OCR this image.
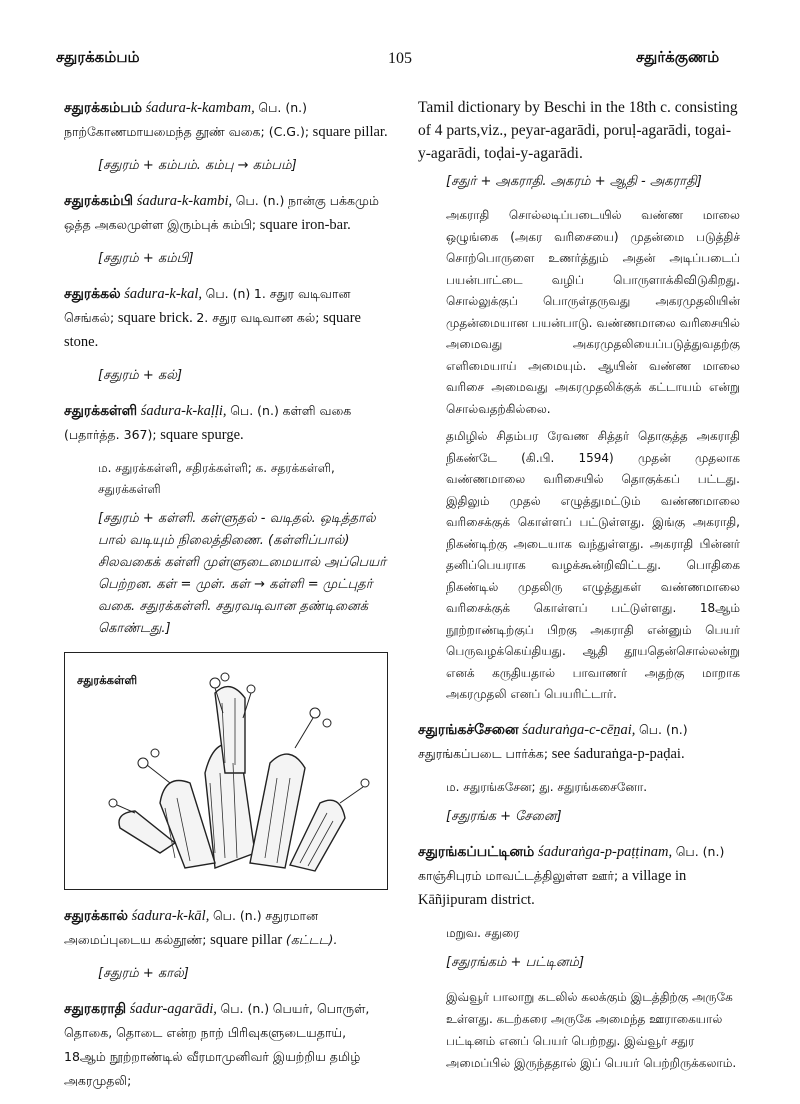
சதுரக்கம்பம்	105	சதுர்க்குணம்
சதுரக்கம்பம் śadura-k-kambam, பெ. (n.) நாற்கோணமாயமைந்த தூண் வகை; (C.G.); square pillar.
[சதுரம் + கம்பம். கம்பு → கம்பம்]
சதுரக்கம்பி śadura-k-kambi, பெ. (n.) நான்கு பக்கமும் ஒத்த அகலமுள்ள இரும்புக் கம்பி; square iron-bar.
[சதுரம் + கம்பி]
சதுரக்கல் śadura-k-kal, பெ. (n) 1. சதுர வடிவான செங்கல்; square brick. 2. சதுர வடிவான கல்; square stone.
[சதுரம் + கல்]
சதுரக்கள்ளி śadura-k-kaḷḷi, பெ. (n.) கள்ளி வகை (பதார்த்த. 367); square spurge.
ம. சதுரக்கள்ளி, சதிரக்கள்ளி; க. சதரக்கள்ளி, சதுரக்கள்ளி
[சதுரம் + கள்ளி. கள்ளுதல் - வடிதல். ஒடித்தால் பால் வடியும் நிலைத்திணை. (கள்ளிப்பால்) சிலவகைக் கள்ளி முள்ளுடைமையால் அப்பெயர் பெற்றன. கள் = முள். கள் → கள்ளி = முட்புதர் வகை. சதுரக்கள்ளி. சதுரவடிவான தண்டினைக் கொண்டது.]
சதுரக்கள்ளி
சதுரக்கால் śadura-k-kāl, பெ. (n.) சதுரமான அமைப்புடைய கல்தூண்; square pillar (கட்டட).
[சதுரம் + கால்]
சதுரகராதி śadur-agarādi, பெ. (n.) பெயர், பொருள், தொகை, தொடை என்ற நாற் பிரிவுகளுடையதாய், 18ஆம் நூற்றாண்டில் வீரமாமுனிவர் இயற்றிய தமிழ் அகரமுதலி;
Tamil dictionary by Beschi in the 18th c. consisting of 4 parts,viz., peyar-agarādi, poruḷ-agarādi, togai-y-agarādi, toḍai-y-agarādi.
[சதுர் + அகராதி. அகரம் + ஆதி - அகராதி]
அகராதி சொல்லடிப்படையில் வண்ண மாலை ஒழுங்கை (அகர வரிசையை) முதன்மை படுத்திச் சொற்பொருளை உணர்த்தும் அதன் அடிப்படைப் பயன்பாட்டை வழிப் பொருளாக்கிவிடுகிறது. சொல்லுக்குப் பொருள்தருவது அகரமுதலியின் முதன்மையான பயன்பாடு. வண்ணமாலை வரிசையில் அமைவது அகரமுதலியைப்படுத்துவதற்கு எளிமையாய் அமையும். ஆயின் வண்ண மாலை வரிசை அமைவது அகரமுதலிக்குக் கட்டாயம் என்று சொல்வதற்கில்லை.
தமிழில் சிதம்பர ரேவண சித்தர் தொகுத்த அகராதி நிகண்டே (கி.பி. 1594) முதன் முதலாக வண்ணமாலை வரிசையில் தொகுக்கப் பட்டது. இதிலும் முதல் எழுத்துமட்டும் வண்ணமாலை வரிசைக்குக் கொள்ளப் பட்டுள்ளது. இங்கு அகராதி, நிகண்டிற்கு அடையாக வந்துள்ளது. அகராதி பின்னர் தனிப்பெயராக வழக்கூன்றிவிட்டது. பொதிகை நிகண்டில் முதலிரு எழுத்துகள் வண்ணமாலை வரிசைக்குக் கொள்ளப் பட்டுள்ளது. 18ஆம் நூற்றாண்டிற்குப் பிறகு அகராதி என்னும் பெயர் பெருவழக்கெய்தியது. ஆதி தூயதென்சொல்லன்று எனக் கருதியதால் பாவாணர் அதற்கு மாறாக அகரமுதலி எனப் பெயரிட்டார்.
சதுரங்கச்சேனை śaduraṅga-c-cēṉai, பெ. (n.) சதுரங்கப்படை பார்க்க; see śaduraṅga-p-paḍai.
ம. சதுரங்கசேன; து. சதுரங்கசைனோ.
[சதுரங்க + சேனை]
சதுரங்கப்பட்டினம் śaduraṅga-p-paṭṭinam, பெ. (n.) காஞ்சிபுரம் மாவட்டத்திலுள்ள ஊர்; a village in Kāñjipuram district.
மறுவ. சதுரை
[சதுரங்கம் + பட்டினம்]
இவ்வூர் பாலாறு கடலில் கலக்கும் இடத்திற்கு அருகே உள்ளது. கடற்கரை அருகே அமைந்த ஊராகையால் பட்டினம் எனப் பெயர் பெற்றது. இவ்வூர் சதுர அமைப்பில் இருந்ததால் இப் பெயர் பெற்றிருக்கலாம்.
